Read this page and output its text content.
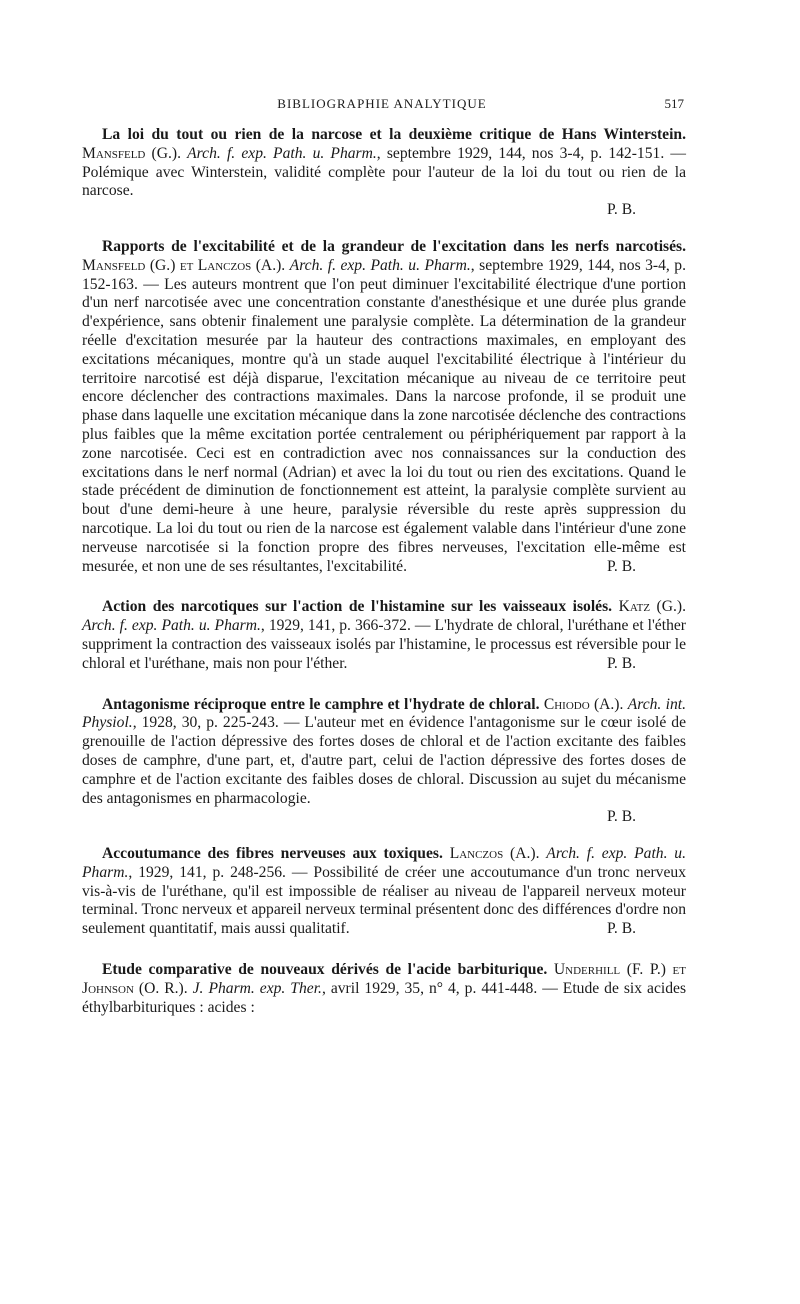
BIBLIOGRAPHIE ANALYTIQUE	517

La loi du tout ou rien de la narcose et la deuxième critique de Hans Winterstein. Mansfeld (G.). Arch. f. exp. Path. u. Pharm., septembre 1929, 144, nos 3-4, p. 142-151. — Polémique avec Winterstein, validité complète pour l'auteur de la loi du tout ou rien de la narcose.

P. B.

Rapports de l'excitabilité et de la grandeur de l'excitation dans les nerfs narcotisés. Mansfeld (G.) et Lanczos (A.). Arch. f. exp. Path. u. Pharm., septembre 1929, 144, nos 3-4, p. 152-163. — Les auteurs montrent que l'on peut diminuer l'excitabilité électrique d'une portion d'un nerf narcotisée avec une concentration constante d'anesthésique et une durée plus grande d'expérience, sans obtenir finalement une paralysie complète. La détermination de la grandeur réelle d'excitation mesurée par la hauteur des contractions maximales, en employant des excitations mécaniques, montre qu'à un stade auquel l'excitabilité électrique à l'intérieur du territoire narcotisé est déjà disparue, l'excitation mécanique au niveau de ce territoire peut encore déclencher des contractions maximales. Dans la narcose profonde, il se produit une phase dans laquelle une excitation mécanique dans la zone narcotisée déclenche des contractions plus faibles que la même excitation portée centralement ou périphériquement par rapport à la zone narcotisée. Ceci est en contradiction avec nos connaissances sur la conduction des excitations dans le nerf normal (Adrian) et avec la loi du tout ou rien des excitations. Quand le stade précédent de diminution de fonctionnement est atteint, la paralysie complète survient au bout d'une demi-heure à une heure, paralysie réversible du reste après suppression du narcotique. La loi du tout ou rien de la narcose est également valable dans l'intérieur d'une zone nerveuse narcotisée si la fonction propre des fibres nerveuses, l'excitation elle-même est mesurée, et non une de ses résultantes, l'excitabilité.	P. B.

Action des narcotiques sur l'action de l'histamine sur les vaisseaux isolés. Katz (G.). Arch. f. exp. Path. u. Pharm., 1929, 141, p. 366-372. — L'hydrate de chloral, l'uréthane et l'éther suppriment la contraction des vaisseaux isolés par l'histamine, le processus est réversible pour le chloral et l'uréthane, mais non pour l'éther.	P. B.

Antagonisme réciproque entre le camphre et l'hydrate de chloral. Chiodo (A.). Arch. int. Physiol., 1928, 30, p. 225-243. — L'auteur met en évidence l'antagonisme sur le cœur isolé de grenouille de l'action dépressive des fortes doses de chloral et de l'action excitante des faibles doses de camphre, d'une part, et, d'autre part, celui de l'action dépressive des fortes doses de camphre et de l'action excitante des faibles doses de chloral. Discussion au sujet du mécanisme des antagonismes en pharmacologie.

P. B.

Accoutumance des fibres nerveuses aux toxiques. Lanczos (A.). Arch. f. exp. Path. u. Pharm., 1929, 141, p. 248-256. — Possibilité de créer une accoutumance d'un tronc nerveux vis-à-vis de l'uréthane, qu'il est impossible de réaliser au niveau de l'appareil nerveux moteur terminal. Tronc nerveux et appareil nerveux terminal présentent donc des différences d'ordre non seulement quantitatif, mais aussi qualitatif.	P. B.

Etude comparative de nouveaux dérivés de l'acide barbiturique. Underhill (F. P.) et Johnson (O. R.). J. Pharm. exp. Ther., avril 1929, 35, n° 4, p. 441-448. — Etude de six acides éthylbarbituriques : acides :
